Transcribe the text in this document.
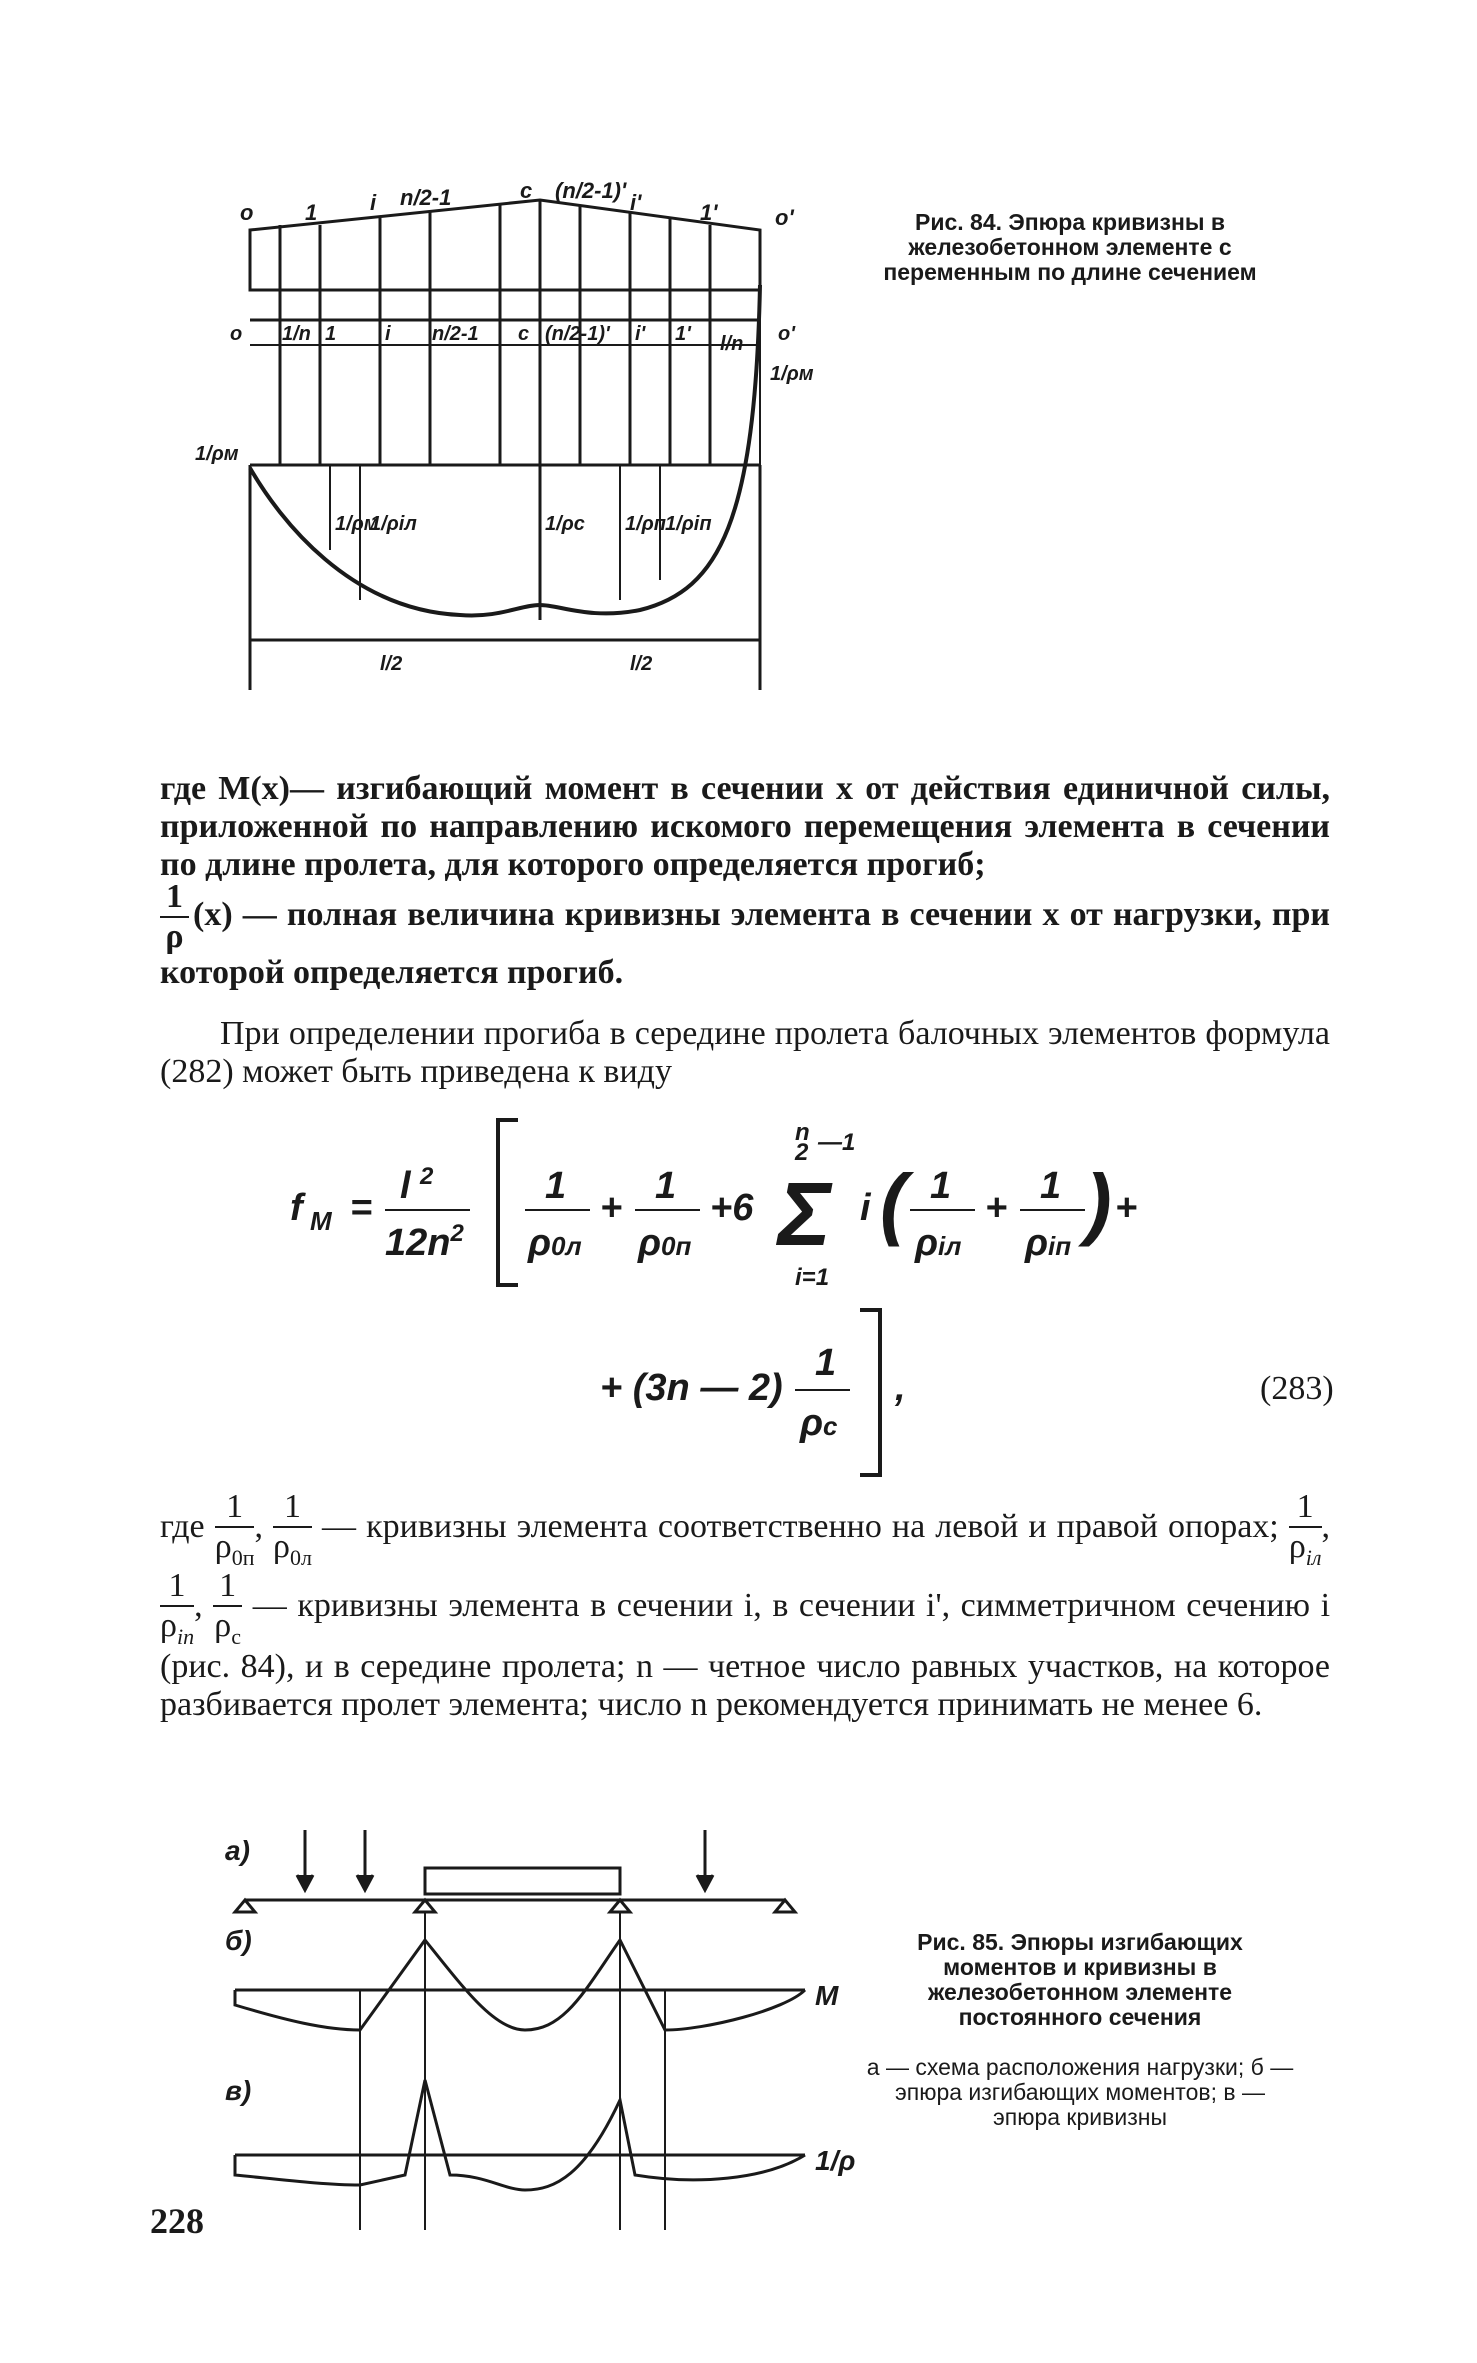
o 1 i n/2-1	c (n/2-1)' i'	1'	o'
o 1/n 1 i n/2-1 c (n/2-1)' i' 1' l/n o'
1/ρм
1/ρм
1/ρм
1/ρiл	1/ρc 1/ρп
1/ρiп
l/2	l/2
Рис. 84. Эпюра кривизны в железобетонном элементе с переменным по длине сечением
где M(x)— изгибающий момент в сечении x от действия единичной силы, приложенной по направлению искомого перемещения элемента в сечении по длине пролета, для которого определяется прогиб;
$\frac{1}{\rho} (x)$ — полная величина кривизны элемента в сечении x от нагрузки, при которой определяется прогиб.
При определении прогиба в середине пролета балочных элементов формула (282) может быть приведена к виду
f M =
l 2
$12n^2$
1
ρ0л
+
1
ρ0п
+6
n
2 —1
Σ
i=1
i ( 1
ρiл
+
1
ρiп ) +
+ (3n — 2)
1
ρc
,	(283)
где $\frac{1}{\rho_{0п}}$ , $\frac{1}{\rho_{0л}}$ — кривизны элемента соответственно на левой и правой опорах; $\frac{1}{\rho_{iл}}$ ,
$\frac{1}{\rho_{iп}}$ , $\frac{1}{\rho_c}$ — кривизны элемента в сечении i, в сечении i', симметричном сечению i (рис. 84), и в середине пролета; n — четное число равных участков, на которое разбивается пролет элемента; число n рекомендуется принимать не менее 6.
а)
б)
в)
M
1/ρ
Рис. 85. Эпюры изгибающих моментов и кривизны в железобетонном элементе постоянного сечения
а — схема расположения нагрузки; б — эпюра изгибающих моментов; в — эпюра кривизны
228
